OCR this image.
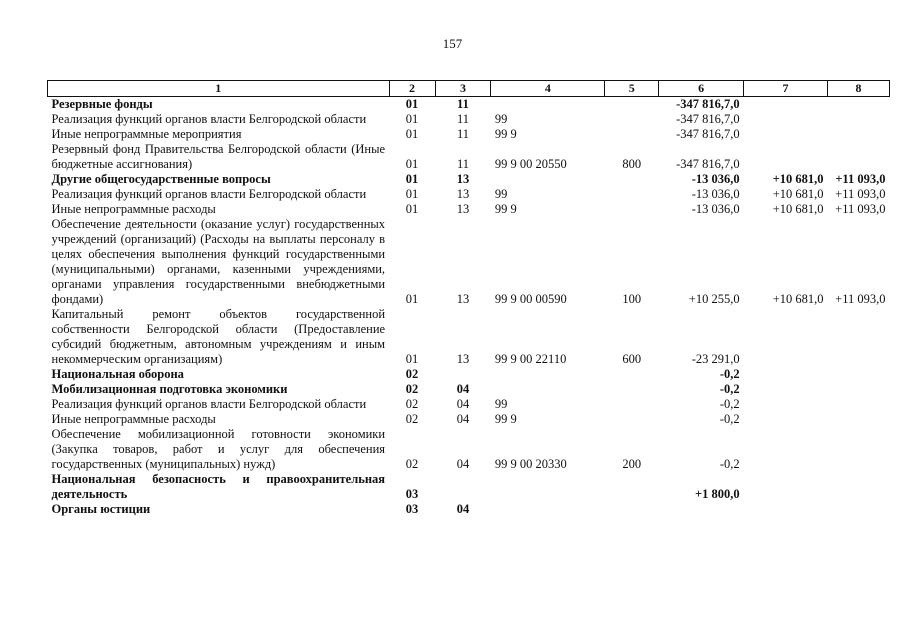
157
1	2	3	4	5	6	7	8
Резервные фонды	01	11			-347 816,7,0		
Реализация функций органов власти Белгородской области	01	11	99		-347 816,7,0		
Иные непрограммные мероприятия	01	11	99 9		-347 816,7,0		
Резервный фонд Правительства Белгородской области (Иные бюджетные ассигнования)	01	11	99 9 00 20550	800	-347 816,7,0		
Другие общегосударственные вопросы	01	13			-13 036,0	+10 681,0	+11 093,0
Реализация функций органов власти Белгородской области	01	13	99		-13 036,0	+10 681,0	+11 093,0
Иные непрограммные расходы	01	13	99 9		-13 036,0	+10 681,0	+11 093,0
Обеспечение деятельности (оказание услуг) государственных учреждений (организаций) (Расходы на выплаты персоналу в целях обеспечения выполнения функций государственными (муниципальными) органами, казенными учреждениями, органами управления государственными внебюджетными фондами)	01	13	99 9 00 00590	100	+10 255,0	+10 681,0	+11 093,0
Капитальный ремонт объектов государственной собственности Белгородской области (Предоставление субсидий бюджетным, автономным учреждениям и иным некоммерческим организациям)	01	13	99 9 00 22110	600	-23 291,0		
Национальная оборона	02				-0,2		
Мобилизационная подготовка экономики	02	04			-0,2		
Реализация функций органов власти Белгородской области	02	04	99		-0,2		
Иные непрограммные расходы	02	04	99 9		-0,2		
Обеспечение мобилизационной готовности экономики (Закупка товаров, работ и услуг для обеспечения государственных (муниципальных) нужд)	02	04	99 9 00 20330	200	-0,2		
Национальная безопасность и правоохранительная деятельность	03				+1 800,0		
Органы юстиции	03	04					
